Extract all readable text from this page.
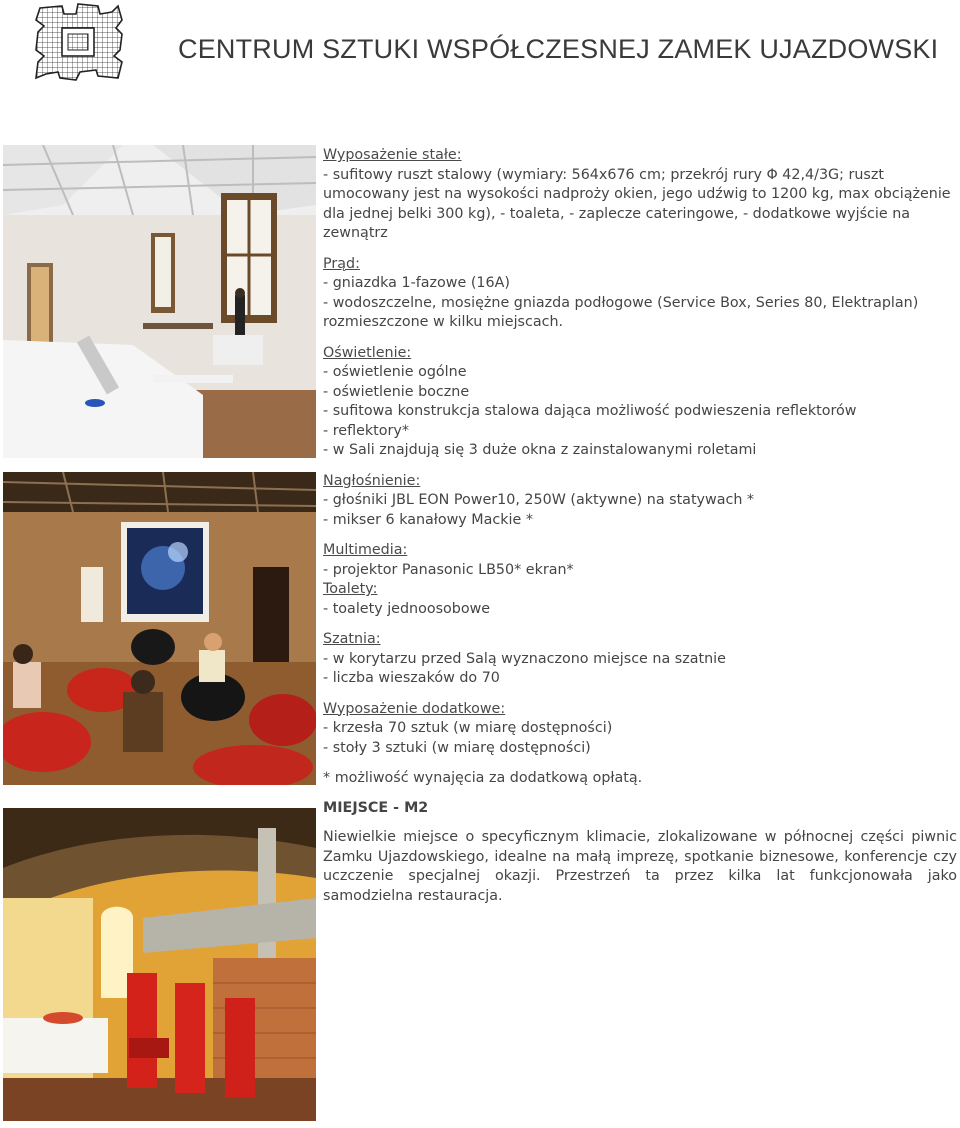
CENTRUM SZTUKI WSPÓŁCZESNEJ ZAMEK UJAZDOWSKI
Wyposażenie stałe:
- sufitowy ruszt stalowy (wymiary: 564x676 cm; przekrój rury Φ 42,4/3G; ruszt umocowany jest na wysokości nadproży okien, jego udźwig to 1200 kg, max obciążenie dla jednej belki 300 kg), - toaleta, - zaplecze cateringowe, - dodatkowe wyjście na zewnątrz
Prąd:
- gniazdka 1-fazowe (16A)
- wodoszczelne, mosiężne gniazda podłogowe (Service Box, Series 80, Elektraplan) rozmieszczone w kilku miejscach.
Oświetlenie:
- oświetlenie ogólne
- oświetlenie boczne
- sufitowa konstrukcja stalowa dająca możliwość podwieszenia reflektorów
- reflektory*
- w Sali znajdują się 3 duże okna z zainstalowanymi roletami
Nagłośnienie:
- głośniki JBL EON Power10, 250W (aktywne) na statywach *
- mikser 6 kanałowy Mackie *
Multimedia:
- projektor Panasonic LB50* ekran*
Toalety:
- toalety jednoosobowe
Szatnia:
- w korytarzu przed Salą wyznaczono miejsce na szatnie
- liczba wieszaków do 70
Wyposażenie dodatkowe:
- krzesła 70 sztuk (w miarę dostępności)
- stoły 3 sztuki (w miarę dostępności)
* możliwość wynajęcia za dodatkową opłatą.
MIEJSCE - M2
Niewielkie miejsce o specyficznym klimacie, zlokalizowane w północnej części piwnic Zamku Ujazdowskiego, idealne na małą imprezę, spotkanie biznesowe, konferencje czy uczczenie specjalnej okazji. Przestrzeń ta przez kilka lat funkcjonowała jako samodzielna restauracja.
